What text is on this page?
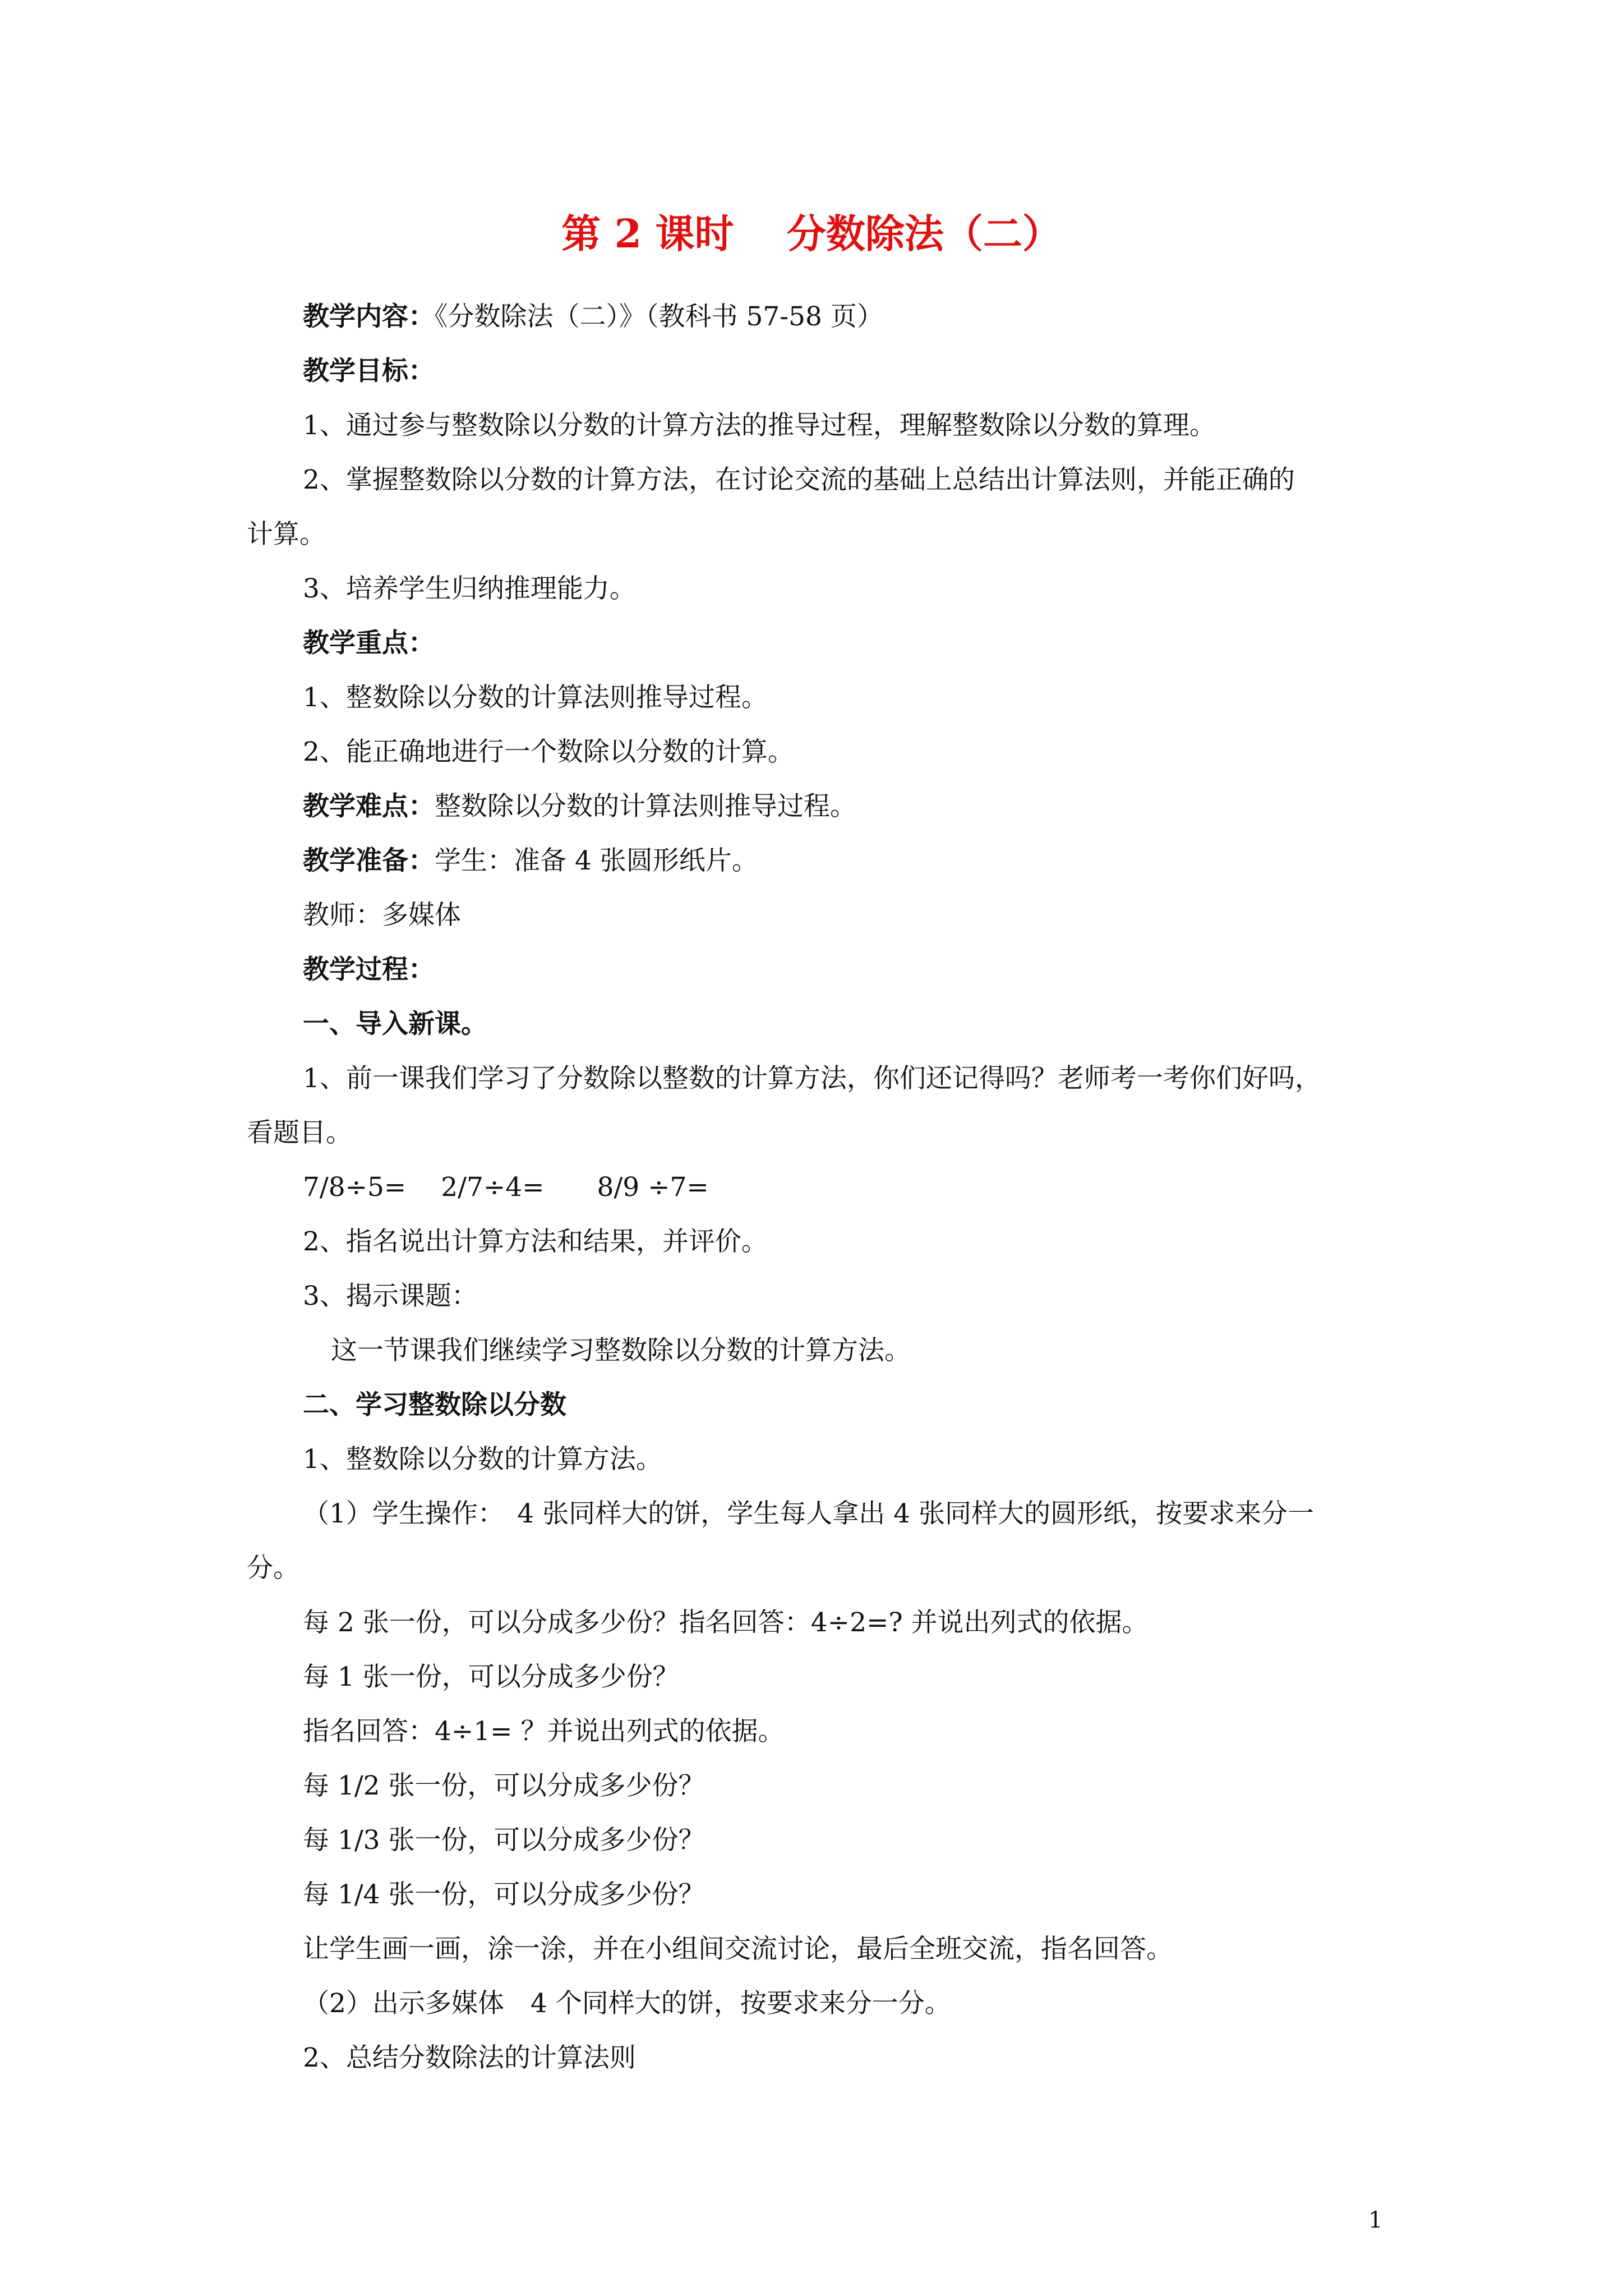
第 2 课时　 分数除法（二）
教学内容：《分数除法（二）》（教科书 57-58 页）
教学目标：
1、通过参与整数除以分数的计算方法的推导过程，理解整数除以分数的算理。
2、掌握整数除以分数的计算方法，在讨论交流的基础上总结出计算法则，并能正确的
计算。
3、培养学生归纳推理能力。
教学重点：
1、整数除以分数的计算法则推导过程。
2、能正确地进行一个数除以分数的计算。
教学难点：整数除以分数的计算法则推导过程。
教学准备：学生：准备 4 张圆形纸片。
教师：多媒体
教学过程：
一、导入新课。
1、前一课我们学习了分数除以整数的计算方法，你们还记得吗？老师考一考你们好吗，
看题目。
7/8÷5=　 2/7÷4=　　8/9 ÷7=
2、指名说出计算方法和结果，并评价。
3、揭示课题：
这一节课我们继续学习整数除以分数的计算方法。
二、学习整数除以分数
1、整数除以分数的计算方法。
（1）学生操作：　4 张同样大的饼，学生每人拿出 4 张同样大的圆形纸，按要求来分一
分。
每 2 张一份，可以分成多少份？指名回答：4÷2=? 并说出列式的依据。
每 1 张一份，可以分成多少份？
指名回答：4÷1= ？并说出列式的依据。
每 1/2 张一份，可以分成多少份？
每 1/3 张一份，可以分成多少份？
每 1/4 张一份，可以分成多少份？
让学生画一画，涂一涂，并在小组间交流讨论，最后全班交流，指名回答。
（2）出示多媒体　4 个同样大的饼，按要求来分一分。
2、总结分数除法的计算法则
1
